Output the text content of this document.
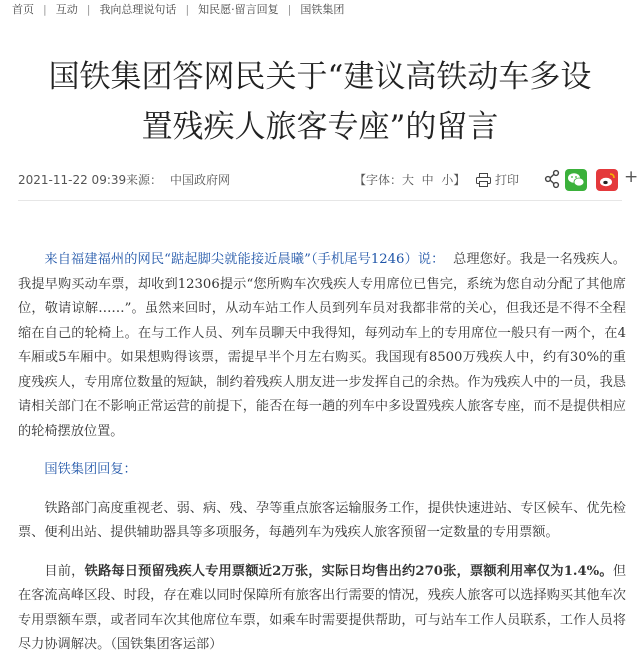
首页 | 互动 | 我向总理说句话 | 知民愿·留言回复 | 国铁集团
国铁集团答网民关于“建议高铁动车多设
置残疾人旅客专座”的留言
2021-11-22 09:39 来源： 中国政府网	【字体：大 中 小】	打印	+

来自福建福州的网民“踮起脚尖就能接近晨曦”（手机尾号1246）说： 总理您好。我是一名残疾人。我提早购买动车票，却收到12306提示“您所购车次残疾人专用席位已售完，系统为您自动分配了其他席位，敬请谅解……”。虽然来回时，从动车站工作人员到列车员对我都非常的关心，但我还是不得不全程缩在自己的轮椅上。在与工作人员、列车员聊天中我得知，每列动车上的专用席位一般只有一两个，在4车厢或5车厢中。如果想购得该票，需提早半个月左右购买。我国现有8500万残疾人中，约有30%的重度残疾人，专用席位数量的短缺，制约着残疾人朋友进一步发挥自己的余热。作为残疾人中的一员，我恳请相关部门在不影响正常运营的前提下，能否在每一趟的列车中多设置残疾人旅客专座，而不是提供相应的轮椅摆放位置。

国铁集团回复：

铁路部门高度重视老、弱、病、残、孕等重点旅客运输服务工作，提供快速进站、专区候车、优先检票、便利出站、提供辅助器具等多项服务，每趟列车为残疾人旅客预留一定数量的专用票额。

目前，铁路每日预留残疾人专用票额近2万张，实际日均售出约270张，票额利用率仅为1.4%。但在客流高峰区段、时段，存在难以同时保障所有旅客出行需要的情况，残疾人旅客可以选择购买其他车次专用票额车票，或者同车次其他席位车票，如乘车时需要提供帮助，可与站车工作人员联系，工作人员将尽力协调解决。（国铁集团客运部）
